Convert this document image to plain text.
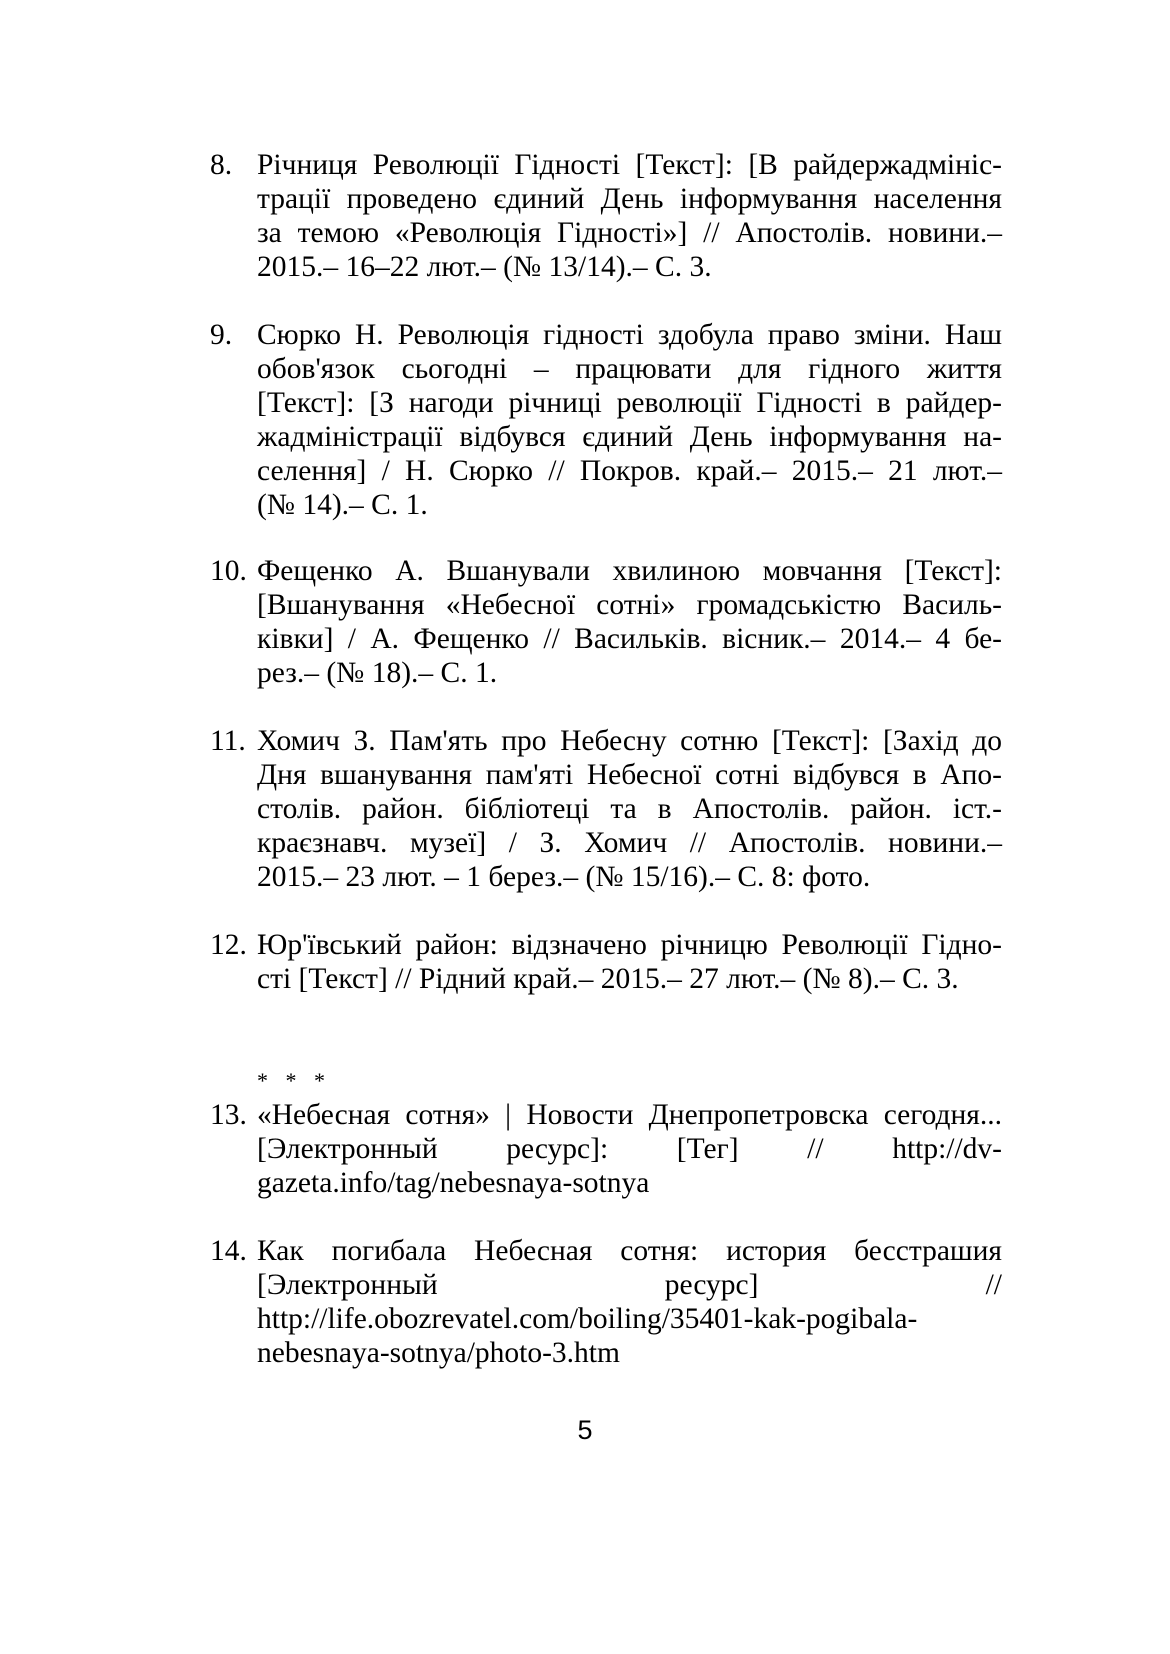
8. Річниця Революції Гідності [Текст]: [В райдержадмініс-
трації проведено єдиний День інформування населення
за темою «Революція Гідності»] // Апостолів. новини.–
2015.– 16–22 лют.– (№ 13/14).– С. 3.
9. Сюрко Н. Революція гідності здобула право зміни. Наш
обов'язок сьогодні – працювати для гідного життя
[Текст]: [З нагоди річниці революції Гідності в райдер-
жадміністрації відбувся єдиний День інформування на-
селення] / Н. Сюрко // Покров. край.– 2015.– 21 лют.–
(№ 14).– С. 1.
10. Фещенко А. Вшанували хвилиною мовчання [Текст]:
[Вшанування «Небесної сотні» громадськістю Василь-
ківки] / А. Фещенко // Васильків. вісник.– 2014.– 4 бе-
рез.– (№ 18).– С. 1.
11. Хомич З. Пам'ять про Небесну сотню [Текст]: [Захід до
Дня вшанування пам'яті Небесної сотні відбувся в Апо-
столів. район. бібліотеці та в Апостолів. район. іст.-
краєзнавч. музеї] / З. Хомич // Апостолів. новини.–
2015.– 23 лют. – 1 берез.– (№ 15/16).– С. 8: фото.
12. Юр'ївський район: відзначено річницю Революції Гідно-
сті [Текст] // Рідний край.– 2015.– 27 лют.– (№ 8).– С. 3.
* * *
13. «Небесная сотня» | Новости Днепропетровска сегодня...
[Электронный ресурс]: [Тег] // http://dv-
gazeta.info/tag/nebesnaya-sotnya
14. Как погибала Небесная сотня: история бесстрашия
[Электронный ресурс] //
http://life.obozrevatel.com/boiling/35401-kak-pogibala-
nebesnaya-sotnya/photo-3.htm
5
